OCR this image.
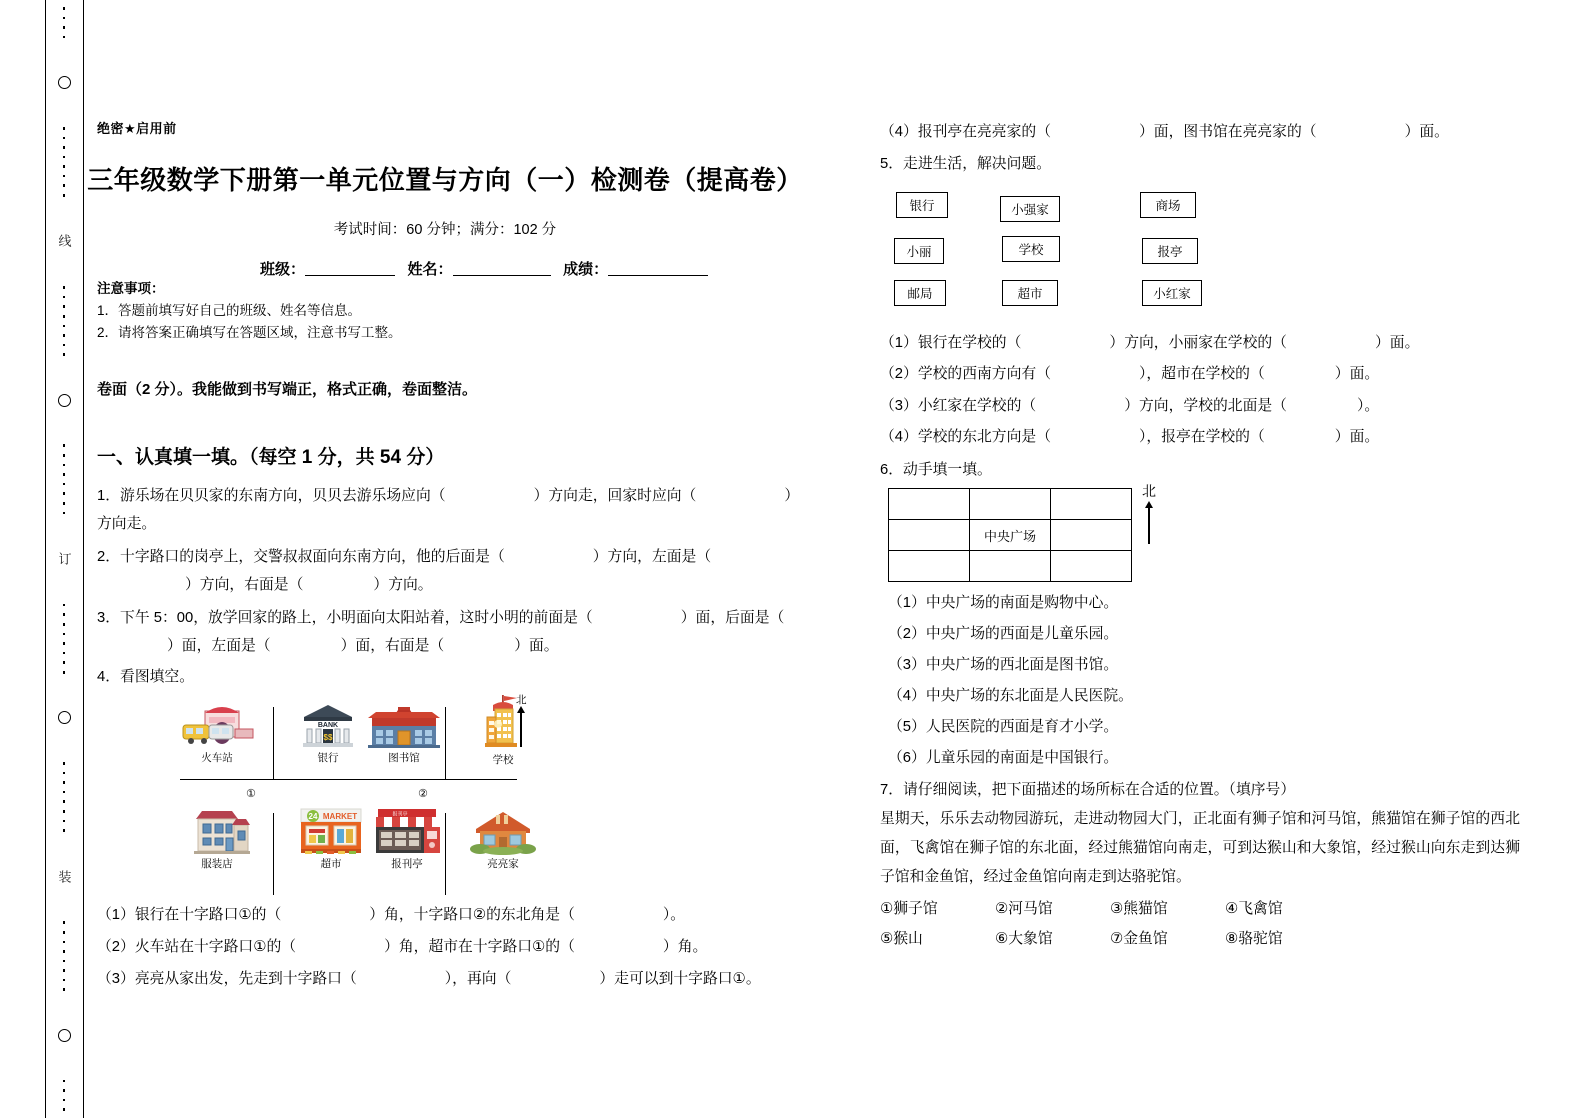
线
订
装
绝密★启用前
三年级数学下册第一单元位置与方向（一）检测卷（提高卷）
考试时间：60 分钟；满分：102 分
班级：	姓名：	成绩：
注意事项：
1．答题前填写好自己的班级、姓名等信息。
2．请将答案正确填写在答题区域，注意书写工整。
卷面（2 分）。我能做到书写端正，格式正确，卷面整洁。
一、认真填一填。（每空 1 分，共 54 分）
1．游乐场在贝贝家的东南方向，贝贝去游乐场应向（	）方向走，回家时应向（	）方向走。
2．十字路口的岗亭上，交警叔叔面向东南方向，他的后面是（	）方向，左面是（）方向，右面是（	）方向。
3．下午 5：00，放学回家的路上，小明面向太阳站着，这时小明的前面是（	）面，后面是（）面，左面是（	）面，右面是（	）面。
4．看图填空。
火车站
BANK
$$
银行	图书馆	学校
北
服装店
24 MARKET
超市
报刊亭
报刊亭	亮亮家
①	②
（1）银行在十字路口①的（	）角，十字路口②的东北角是（	）。
（2）火车站在十字路口①的（	）角，超市在十字路口①的（	）角。
（3）亮亮从家出发，先走到十字路口（	），再向（	）走可以到十字路口①。
（4）报刊亭在亮亮家的（	）面，图书馆在亮亮家的（	）面。
5．走进生活，解决问题。
银行	小强家	商场
小丽	学校	报亭
邮局	超市	小红家
（1）银行在学校的（	）方向，小丽家在学校的（	）面。
（2）学校的西南方向有（	），超市在学校的（	）面。
（3）小红家在学校的（	）方向，学校的北面是（	）。
（4）学校的东北方向是（	），报亭在学校的（	）面。
6．动手填一填。

	中央广场	

北
（1）中央广场的南面是购物中心。
（2）中央广场的西面是儿童乐园。
（3）中央广场的西北面是图书馆。
（4）中央广场的东北面是人民医院。
（5）人民医院的西面是育才小学。
（6）儿童乐园的南面是中国银行。
7．请仔细阅读，把下面描述的场所标在合适的位置。（填序号）
星期天，乐乐去动物园游玩，走进动物园大门，正北面有狮子馆和河马馆，熊猫馆在狮子馆的西北面，飞禽馆在狮子馆的东北面，经过熊猫馆向南走，可到达猴山和大象馆，经过猴山向东走到达狮子馆和金鱼馆，经过金鱼馆向南走到达骆驼馆。
①狮子馆	②河马馆	③熊猫馆	④飞禽馆
⑤猴山	⑥大象馆	⑦金鱼馆	⑧骆驼馆
